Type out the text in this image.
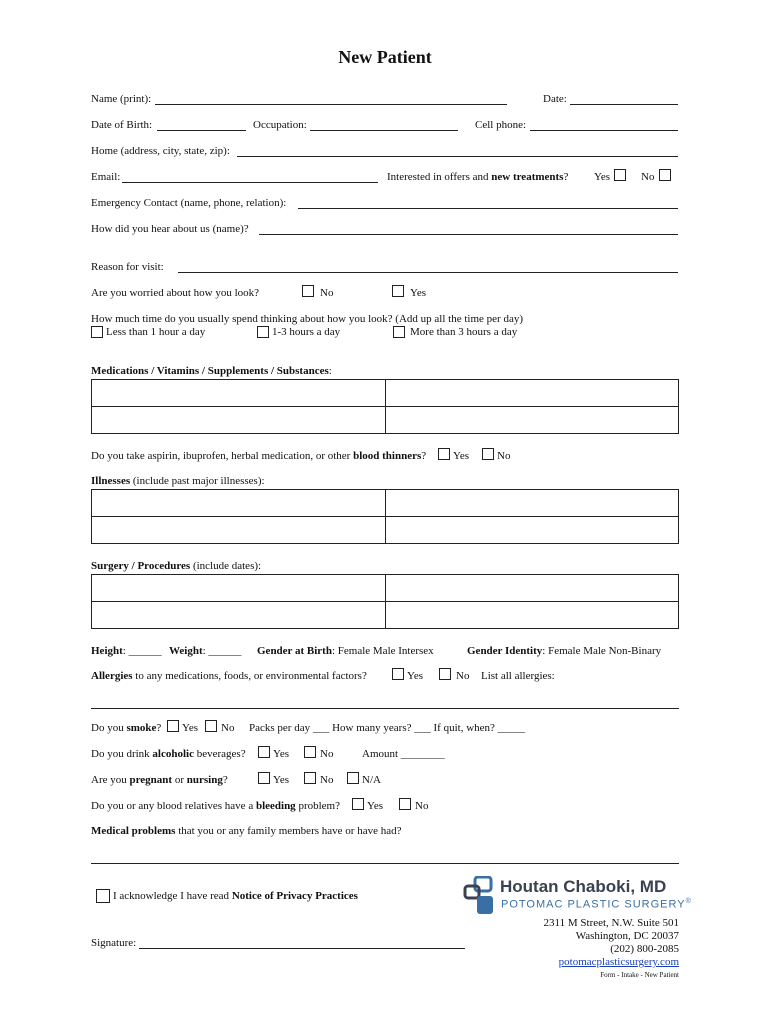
New Patient
Name (print):	Date:
Date of Birth:	Occupation:	Cell phone:
Home (address, city, state, zip):
Email:	Interested in offers and new treatments? Yes	No
Emergency Contact (name, phone, relation):
How did you hear about us (name)?
Reason for visit:
Are you worried about how you look?	No	Yes
How much time do you usually spend thinking about how you look? (Add up all the time per day)
Less than 1 hour a day	1-3 hours a day	More than 3 hours a day
Medications / Vitamins / Supplements / Substances:

Do you take aspirin, ibuprofen, herbal medication, or other blood thinners? Yes	No
Illnesses (include past major illnesses):

Surgery / Procedures (include dates):

Height: ______ Weight: ______ Gender at Birth: Female Male Intersex	Gender Identity: Female Male Non-Binary
Allergies to any medications, foods, or environmental factors?	Yes	No List all allergies:
Do you smoke? Yes No Packs per day ___ How many years? ___ If quit, when? _____
Do you drink alcoholic beverages? Yes	No	Amount ________
Are you pregnant or nursing?	Yes	No	N/A
Do you or any blood relatives have a bleeding problem? Yes	No
Medical problems that you or any family members have or have had?
I acknowledge I have read Notice of Privacy Practices	Houtan Chaboki, MD
POTOMAC PLASTIC SURGERY®
2311 M Street, N.W. Suite 501
Washington, DC 20037
(202) 800-2085
potomacplasticsurgery.com
Form - Intake - New Patient
Signature:
